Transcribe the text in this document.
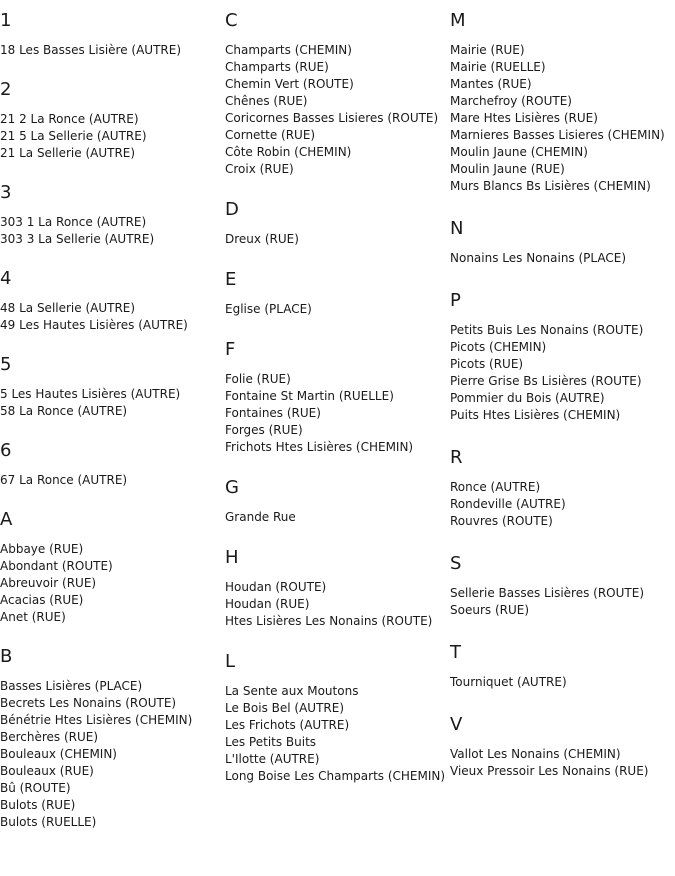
1
18 Les Basses Lisière (AUTRE)
2
21 2 La Ronce (AUTRE)
21 5 La Sellerie (AUTRE)
21 La Sellerie (AUTRE)
3
303 1 La Ronce (AUTRE)
303 3 La Sellerie (AUTRE)
4
48 La Sellerie (AUTRE)
49 Les Hautes Lisières (AUTRE)
5
5 Les Hautes Lisières (AUTRE)
58 La Ronce (AUTRE)
6
67 La Ronce (AUTRE)
A
Abbaye (RUE)
Abondant (ROUTE)
Abreuvoir (RUE)
Acacias (RUE)
Anet (RUE)
B
Basses Lisières (PLACE)
Becrets Les Nonains (ROUTE)
Bénétrie Htes Lisières (CHEMIN)
Berchères (RUE)
Bouleaux (CHEMIN)
Bouleaux (RUE)
Bû (ROUTE)
Bulots (RUE)
Bulots (RUELLE)
C
Champarts (CHEMIN)
Champarts (RUE)
Chemin Vert (ROUTE)
Chênes (RUE)
Coricornes Basses Lisieres (ROUTE)
Cornette (RUE)
Côte Robin (CHEMIN)
Croix (RUE)
D
Dreux (RUE)
E
Eglise (PLACE)
F
Folie (RUE)
Fontaine St Martin (RUELLE)
Fontaines (RUE)
Forges (RUE)
Frichots Htes Lisières (CHEMIN)
G
Grande Rue
H
Houdan (ROUTE)
Houdan (RUE)
Htes Lisières Les Nonains (ROUTE)
L
La Sente aux Moutons
Le Bois Bel (AUTRE)
Les Frichots (AUTRE)
Les Petits Buits
L'Ilotte (AUTRE)
Long Boise Les Champarts (CHEMIN)
M
Mairie (RUE)
Mairie (RUELLE)
Mantes (RUE)
Marchefroy (ROUTE)
Mare Htes Lisières (RUE)
Marnieres Basses Lisieres (CHEMIN)
Moulin Jaune (CHEMIN)
Moulin Jaune (RUE)
Murs Blancs Bs Lisières (CHEMIN)
N
Nonains Les Nonains (PLACE)
P
Petits Buis Les Nonains (ROUTE)
Picots (CHEMIN)
Picots (RUE)
Pierre Grise Bs Lisières (ROUTE)
Pommier du Bois (AUTRE)
Puits Htes Lisières (CHEMIN)
R
Ronce (AUTRE)
Rondeville (AUTRE)
Rouvres (ROUTE)
S
Sellerie Basses Lisières (ROUTE)
Soeurs (RUE)
T
Tourniquet (AUTRE)
V
Vallot Les Nonains (CHEMIN)
Vieux Pressoir Les Nonains (RUE)
